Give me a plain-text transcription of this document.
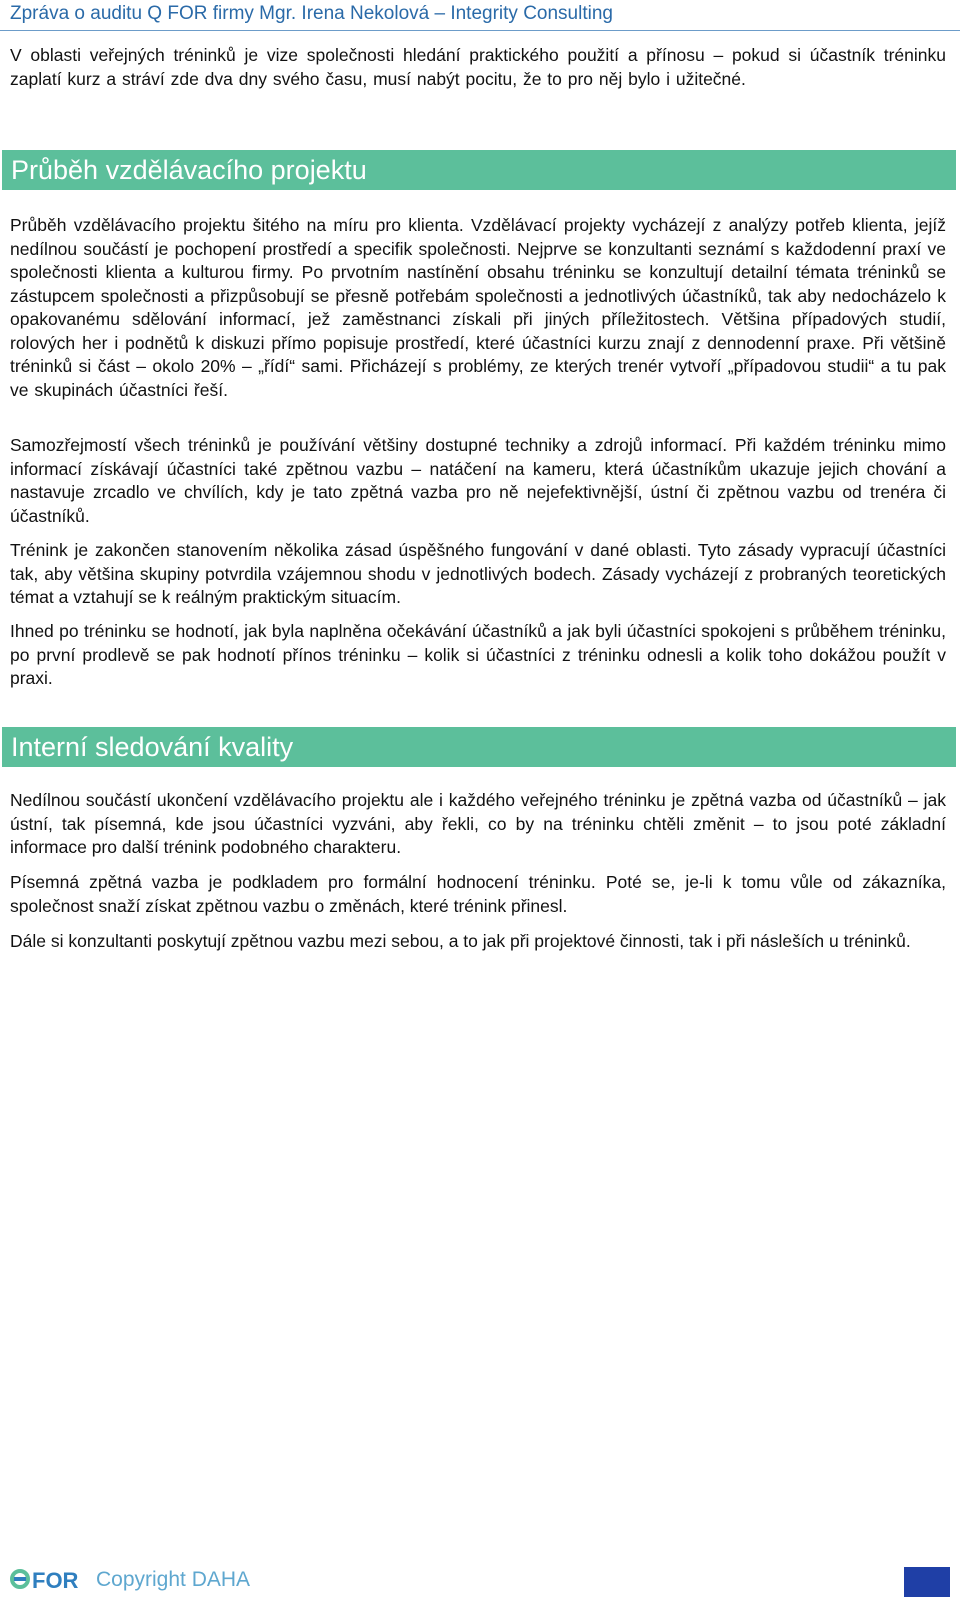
Zpráva o auditu Q FOR firmy Mgr. Irena Nekolová – Integrity Consulting

V oblasti veřejných tréninků je vize společnosti hledání praktického použití a přínosu – pokud si účastník tréninku zaplatí kurz a stráví zde dva dny svého času, musí nabýt pocitu, že to pro něj bylo i užitečné.

Průběh vzdělávacího projektu

Průběh vzdělávacího projektu šitého na míru pro klienta. Vzdělávací projekty vycházejí z analýzy potřeb klienta, jejíž nedílnou součástí je pochopení prostředí a specifik společnosti. Nejprve se konzultanti seznámí s každodenní praxí ve společnosti klienta a kulturou firmy. Po prvotním nastínění obsahu tréninku se konzultují detailní témata tréninků se zástupcem společnosti a přizpůsobují se přesně potřebám společnosti a jednotlivých účastníků, tak aby nedocházelo k opakovanému sdělování informací, jež zaměstnanci získali při jiných příležitostech. Většina případových studií, rolových her i podnětů k diskuzi přímo popisuje prostředí, které účastníci kurzu znají z dennodenní praxe. Při většině tréninků si část – okolo 20% – „řídí“ sami. Přicházejí s problémy, ze kterých trenér vytvoří „případovou studii“ a tu pak ve skupinách účastníci řeší.

Samozřejmostí všech tréninků je používání většiny dostupné techniky a zdrojů informací. Při každém tréninku mimo informací získávají účastníci také zpětnou vazbu – natáčení na kameru, která účastníkům ukazuje jejich chování a nastavuje zrcadlo ve chvílích, kdy je tato zpětná vazba pro ně nejefektivnější, ústní či zpětnou vazbu od trenéra či účastníků.

Trénink je zakončen stanovením několika zásad úspěšného fungování v dané oblasti. Tyto zásady vypracují účastníci tak, aby většina skupiny potvrdila vzájemnou shodu v jednotlivých bodech. Zásady vycházejí z probraných teoretických témat a vztahují se k reálným praktickým situacím.

Ihned po tréninku se hodnotí, jak byla naplněna očekávání účastníků a jak byli účastníci spokojeni s průběhem tréninku, po první prodlevě se pak hodnotí přínos tréninku – kolik si účastníci z tréninku odnesli a kolik toho dokážou použít v praxi.

Interní sledování kvality

Nedílnou součástí ukončení vzdělávacího projektu ale i každého veřejného tréninku je zpětná vazba od účastníků – jak ústní, tak písemná, kde jsou účastníci vyzváni, aby řekli, co by na tréninku chtěli změnit – to jsou poté základní informace pro další trénink podobného charakteru.

Písemná zpětná vazba je podkladem pro formální hodnocení tréninku. Poté se, je-li k tomu vůle od zákazníka, společnost snaží získat zpětnou vazbu o změnách, které trénink přinesl.

Dále si konzultanti poskytují zpětnou vazbu mezi sebou, a to jak při projektové činnosti, tak i při násleších u tréninků.

FOR Copyright DAHA
